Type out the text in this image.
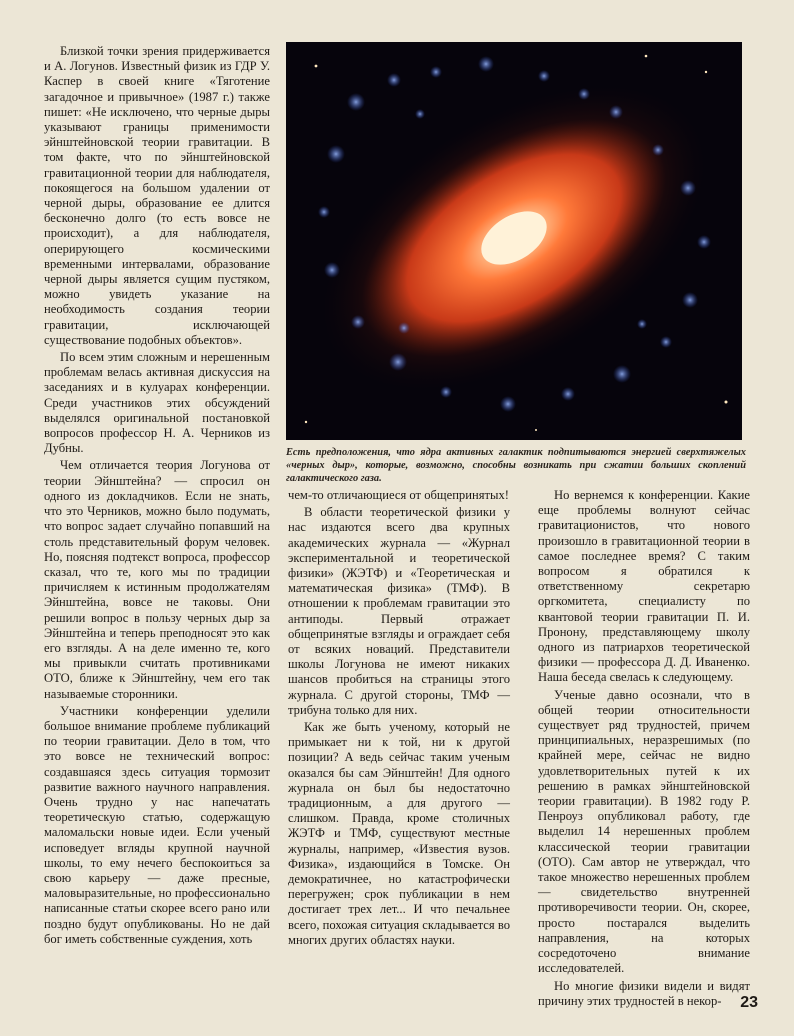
Близкой точки зрения придерживается и А. Логунов. Известный физик из ГДР У. Каспер в своей книге «Тяготение загадочное и привычное» (1987 г.) также пишет: «Не исключено, что черные дыры указывают границы применимости эйнштейновской теории гравитации. В том факте, что по эйнштейновской гравитационной теории для наблюдателя, покоящегося на большом удалении от черной дыры, образование ее длится бесконечно долго (то есть вовсе не происходит), а для наблюдателя, оперирующего космическими временными интервалами, образование черной дыры является сущим пустяком, можно увидеть указание на необходимость создания теории гравитации, исключающей существование подобных объектов».

По всем этим сложным и нерешенным проблемам велась активная дискуссия на заседаниях и в кулуарах конференции. Среди участников этих обсуждений выделялся оригинальной постановкой вопросов профессор Н. А. Черников из Дубны.

Чем отличается теория Логунова от теории Эйнштейна? — спросил он одного из докладчиков. Если не знать, что это Черников, можно было подумать, что вопрос задает случайно попавший на столь представительный форум человек. Но, поясняя подтекст вопроса, профессор сказал, что те, кого мы по традиции причисляем к истинным продолжателям Эйнштейна, вовсе не таковы. Они решили вопрос в пользу черных дыр за Эйнштейна и теперь преподносят это как его взгляды. А на деле именно те, кого мы привыкли считать противниками ОТО, ближе к Эйнштейну, чем его так называемые сторонники.

Участники конференции уделили большое внимание проблеме публикаций по теории гравитации. Дело в том, что это вовсе не технический вопрос: создавшаяся здесь ситуация тормозит развитие важного научного направления. Очень трудно у нас напечатать теоретическую статью, содержащую маломальски новые идеи. Если ученый исповедует вгляды крупной научной школы, то ему нечего беспокоиться за свою карьеру — даже пресные, маловыразительные, но профессионально написанные статьи скорее всего рано или поздно будут опубликованы. Но не дай бог иметь собственные суждения, хоть

Есть предположения, что ядра активных галактик подпитываются энергией сверхтяжелых «черных дыр», которые, возможно, способны возникать при сжатии больших скоплений галактического газа.

чем-то отличающиеся от общепринятых!

В области теоретической физики у нас издаются всего два крупных академических журнала — «Журнал экспериментальной и теоретической физики» (ЖЭТФ) и «Теоретическая и математическая физика» (ТМФ). В отношении к проблемам гравитации это антиподы. Первый отражает общепринятые взгляды и ограждает себя от всяких новаций. Представители школы Логунова не имеют никаких шансов пробиться на страницы этого журнала. С другой стороны, ТМФ — трибуна только для них.

Как же быть ученому, который не примыкает ни к той, ни к другой позиции? А ведь сейчас таким ученым оказался бы сам Эйнштейн! Для одного журнала он был бы недостаточно традиционным, а для другого — слишком. Правда, кроме столичных ЖЭТФ и ТМФ, существуют местные журналы, например, «Известия вузов. Физика», издающийся в Томске. Он демократичнее, но катастрофически перегружен; срок публикации в нем достигает трех лет... И что печальнее всего, похожая ситуация складывается во многих других областях науки.

Но вернемся к конференции. Какие еще проблемы волнуют сейчас гравитационистов, что нового произошло в гравитационной теории в самое последнее время? С таким вопросом я обратился к ответственному секретарю оргкомитета, специалисту по квантовой теории гравитации П. И. Пронону, представляющему школу одного из патриархов теоретической физики — профессора Д. Д. Иваненко. Наша беседа свелась к следующему.

Ученые давно осознали, что в общей теории относительности существует ряд трудностей, причем принципиальных, неразрешимых (по крайней мере, сейчас не видно удовлетворительных путей к их решению в рамках эйнштейновской теории гравитации). В 1982 году Р. Пенроуз опубликовал работу, где выделил 14 нерешенных проблем классической теории гравитации (ОТО). Сам автор не утверждал, что такое множество нерешенных проблем — свидетельство внутренней противоречивости теории. Он, скорее, просто постарался выделить направления, на которых сосредоточено внимание исследователей.

Но многие физики видели и видят причину этих трудностей в некор-	23
